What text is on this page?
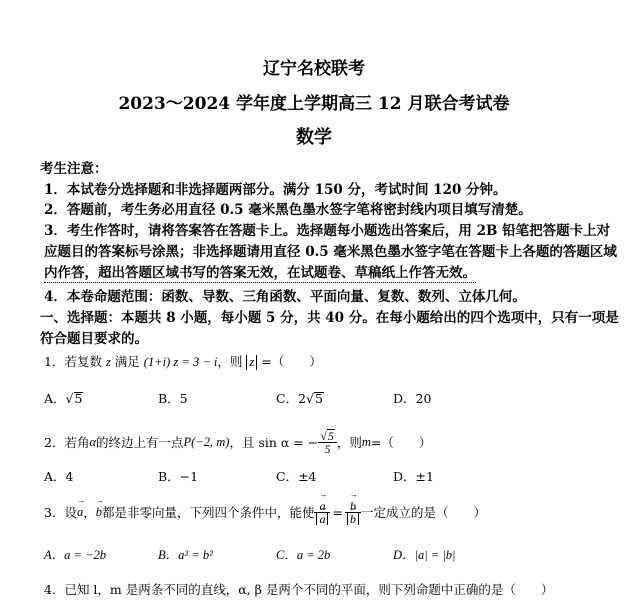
辽宁名校联考
2023～2024 学年度上学期高三 12 月联合考试卷
数学
考生注意：
1．本试卷分选择题和非选择题两部分。满分 150 分，考试时间 120 分钟。
2．答题前，考生务必用直径 0.5 毫米黑色墨水签字笔将密封线内项目填写清楚。
3．考生作答时，请将答案答在答题卡上。选择题每小题选出答案后，用 2B 铅笔把答题卡上对
应题目的答案标号涂黑；非选择题请用直径 0.5 毫米黑色墨水签字笔在答题卡上各题的答题区域
内作答，超出答题区域书写的答案无效，在试题卷、草稿纸上作答无效。
4．本卷命题范围：函数、导数、三角函数、平面向量、复数、数列、立体几何。
一、选择题：本题共 8 小题，每小题 5 分，共 40 分。在每小题给出的四个选项中，只有一项是
符合题目要求的。
1．若复数 z 满足 (1+i) z = 3 − i，则 z =（　　）
A．√5	B．5	C．2√5	D．20
2．若角 α 的终边上有一点 P(−2, m) ，且 sin α = − $\frac{√5}{5}$ ，则 m =（　　）
A．4	B．−1	C．±4	D．±1
3．设 → a ， → b 都是非零向量，下列四个条件中，能使 → a
→ a = → b
→ b 一定成立的是（　　）
A．a = −2b	B．a² = b²	C．a = 2b	D．|a| = |b|
4．已知 l，m 是两条不同的直线，α, β 是两个不同的平面，则下列命题中正确的是（　　）
